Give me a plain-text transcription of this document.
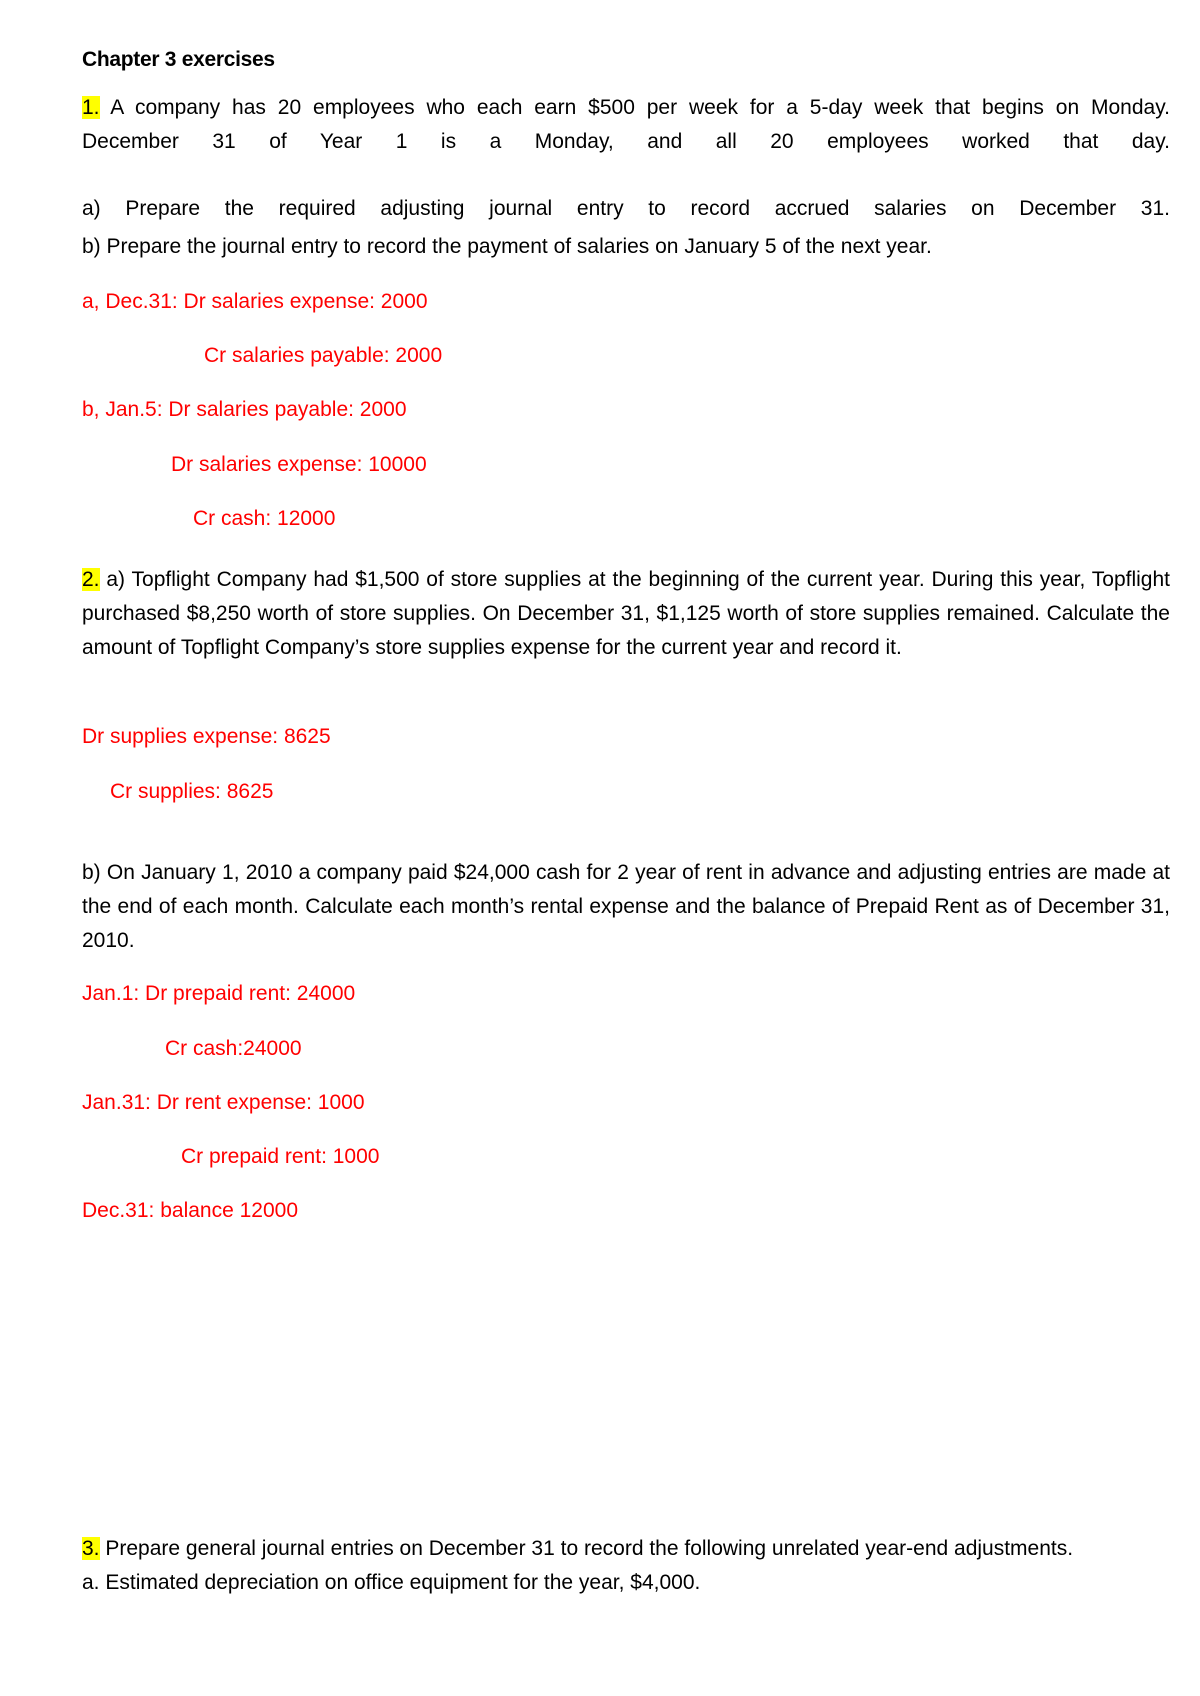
Chapter 3 exercises
1. A company has 20 employees who each earn $500 per week for a 5-day week that begins on Monday.
December 31 of Year 1 is a Monday, and all 20 employees worked that day.
a) Prepare the required adjusting journal entry to record accrued salaries on December 31.
b) Prepare the journal entry to record the payment of salaries on January 5 of the next year.
a, Dec.31: Dr salaries expense: 2000
Cr salaries payable: 2000
b, Jan.5: Dr salaries payable: 2000
Dr salaries expense: 10000
Cr cash: 12000
2. a) Topflight Company had $1,500 of store supplies at the beginning of the current year. During this year, Topflight purchased $8,250 worth of store supplies. On December 31, $1,125 worth of store supplies remained. Calculate the amount of Topflight Company’s store supplies expense for the current year and record it.
Dr supplies expense: 8625
Cr supplies: 8625
b) On January 1, 2010 a company paid $24,000 cash for 2 year of rent in advance and adjusting entries are made at the end of each month. Calculate each month’s rental expense and the balance of Prepaid Rent as of December 31, 2010.
Jan.1: Dr prepaid rent: 24000
Cr cash:24000
Jan.31: Dr rent expense: 1000
Cr prepaid rent: 1000
Dec.31: balance 12000
3. Prepare general journal entries on December 31 to record the following unrelated year-end adjustments.
a. Estimated depreciation on office equipment for the year, $4,000.
